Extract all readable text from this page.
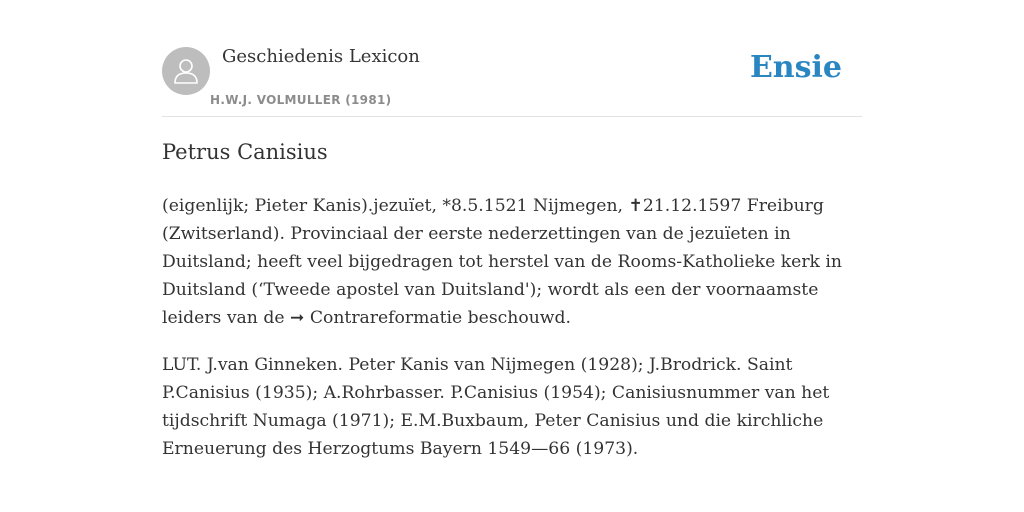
Geschiedenis Lexicon
H.W.J. VOLMULLER (1981)
Ensie
Petrus Canisius

(eigenlijk; Pieter Kanis).jezuïet, *8.5.1521 Nijmegen, ✝21.12.1597 Freiburg (Zwitserland). Provinciaal der eerste nederzettingen van de jezuïeten in Duitsland; heeft veel bijgedragen tot herstel van de Rooms-Katholieke kerk in Duitsland (‘Tweede apostel van Duitsland'); wordt als een der voornaamste leiders van de ➞ Contrareformatie beschouwd.

LUT. J.van Ginneken. Peter Kanis van Nijmegen (1928); J.Brodrick. Saint P.Canisius (1935); A.Rohrbasser. P.Canisius (1954); Canisiusnummer van het tijdschrift Numaga (1971); E.M.Buxbaum, Peter Canisius und die kirchliche Erneuerung des Herzogtums Bayern 1549—66 (1973).
